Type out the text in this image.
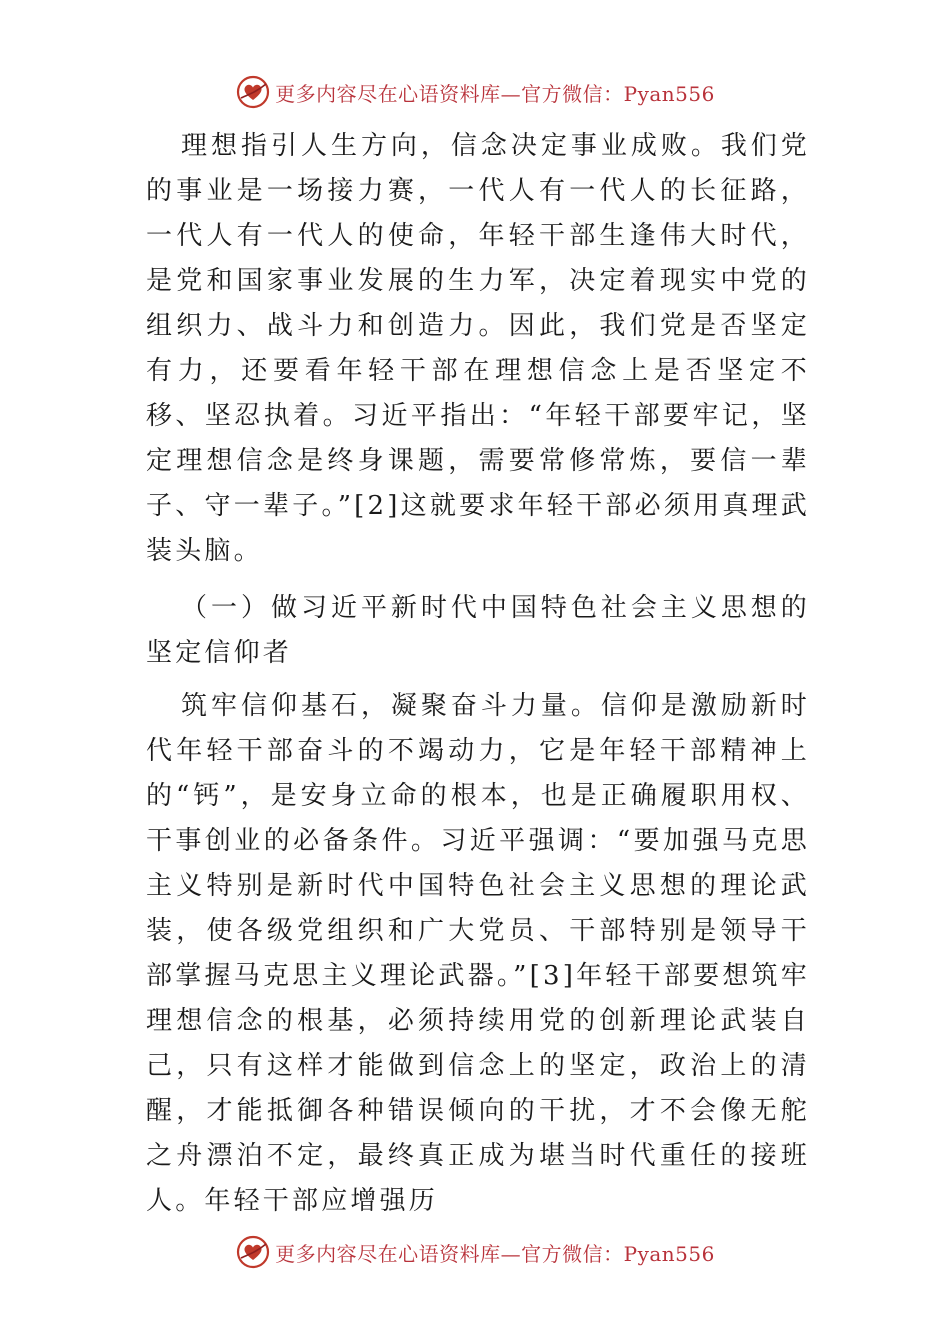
更多内容尽在心语资料库—官方微信：Pyan556

理想指引人生方向，信念决定事业成败。我们党的事业是一场接力赛，一代人有一代人的长征路，一代人有一代人的使命，年轻干部生逢伟大时代，是党和国家事业发展的生力军，决定着现实中党的组织力、战斗力和创造力。因此，我们党是否坚定有力，还要看年轻干部在理想信念上是否坚定不移、坚忍执着。习近平指出：“年轻干部要牢记，坚定理想信念是终身课题，需要常修常炼，要信一辈子、守一辈子。”[2]这就要求年轻干部必须用真理武装头脑。

（一）做习近平新时代中国特色社会主义思想的坚定信仰者

筑牢信仰基石，凝聚奋斗力量。信仰是激励新时代年轻干部奋斗的不竭动力，它是年轻干部精神上的“钙”，是安身立命的根本，也是正确履职用权、干事创业的必备条件。习近平强调：“要加强马克思主义特别是新时代中国特色社会主义思想的理论武装，使各级党组织和广大党员、干部特别是领导干部掌握马克思主义理论武器。”[3]年轻干部要想筑牢理想信念的根基，必须持续用党的创新理论武装自己，只有这样才能做到信念上的坚定，政治上的清醒，才能抵御各种错误倾向的干扰，才不会像无舵之舟漂泊不定，最终真正成为堪当时代重任的接班人。年轻干部应增强历

更多内容尽在心语资料库—官方微信：Pyan556
